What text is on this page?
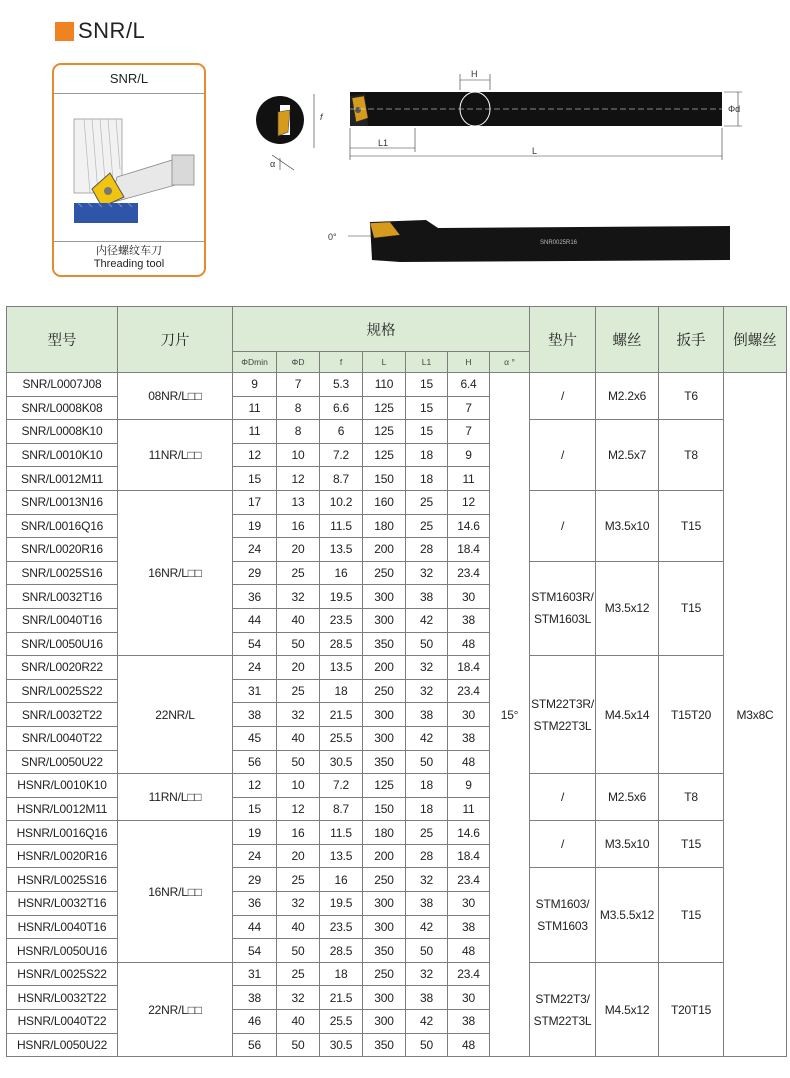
SNR/L
SNR/L
内径螺纹车刀
Threading tool
f
α
H
L1
L
Φd
SNR0025R16
0°
型号	刀片	规格							垫片	螺丝	扳手	倒螺丝
		ΦDmin	ΦD	f	L	L1	H	α °				
SNR/L0007J08	08NR/L□□	9	7	5.3	110	15	6.4	15°	/	M2.2x6	T6	M3x8C
SNR/L0008K08		11	8	6.6	125	15	7					
SNR/L0008K10	11NR/L□□	11	8	6	125	15	7		/	M2.5x7	T8	
SNR/L0010K10		12	10	7.2	125	18	9					
SNR/L0012M11		15	12	8.7	150	18	11					
SNR/L0013N16	16NR/L□□	17	13	10.2	160	25	12		/	M3.5x10	T15	
SNR/L0016Q16		19	16	11.5	180	25	14.6					
SNR/L0020R16		24	20	13.5	200	28	18.4					
SNR/L0025S16		29	25	16	250	32	23.4		STM1603R/ STM1603L	M3.5x12	T15	
SNR/L0032T16		36	32	19.5	300	38	30					
SNR/L0040T16		44	40	23.5	300	42	38					
SNR/L0050U16		54	50	28.5	350	50	48					
SNR/L0020R22	22NR/L	24	20	13.5	200	32	18.4		STM22T3R/ STM22T3L	M4.5x14	T15T20	
SNR/L0025S22		31	25	18	250	32	23.4					
SNR/L0032T22		38	32	21.5	300	38	30					
SNR/L0040T22		45	40	25.5	300	42	38					
SNR/L0050U22		56	50	30.5	350	50	48					
HSNR/L0010K10	11RN/L□□	12	10	7.2	125	18	9		/	M2.5x6	T8	
HSNR/L0012M11		15	12	8.7	150	18	11					
HSNR/L0016Q16	16NR/L□□	19	16	11.5	180	25	14.6		/	M3.5x10	T15	
HSNR/L0020R16		24	20	13.5	200	28	18.4					
HSNR/L0025S16		29	25	16	250	32	23.4		STM1603/ STM1603	M3.5.5x12	T15	
HSNR/L0032T16		36	32	19.5	300	38	30					
HSNR/L0040T16		44	40	23.5	300	42	38					
HSNR/L0050U16		54	50	28.5	350	50	48					
HSNR/L0025S22	22NR/L□□	31	25	18	250	32	23.4		STM22T3/ STM22T3L	M4.5x12	T20T15	
HSNR/L0032T22		38	32	21.5	300	38	30					
HSNR/L0040T22		46	40	25.5	300	42	38					
HSNR/L0050U22		56	50	30.5	350	50	48					
